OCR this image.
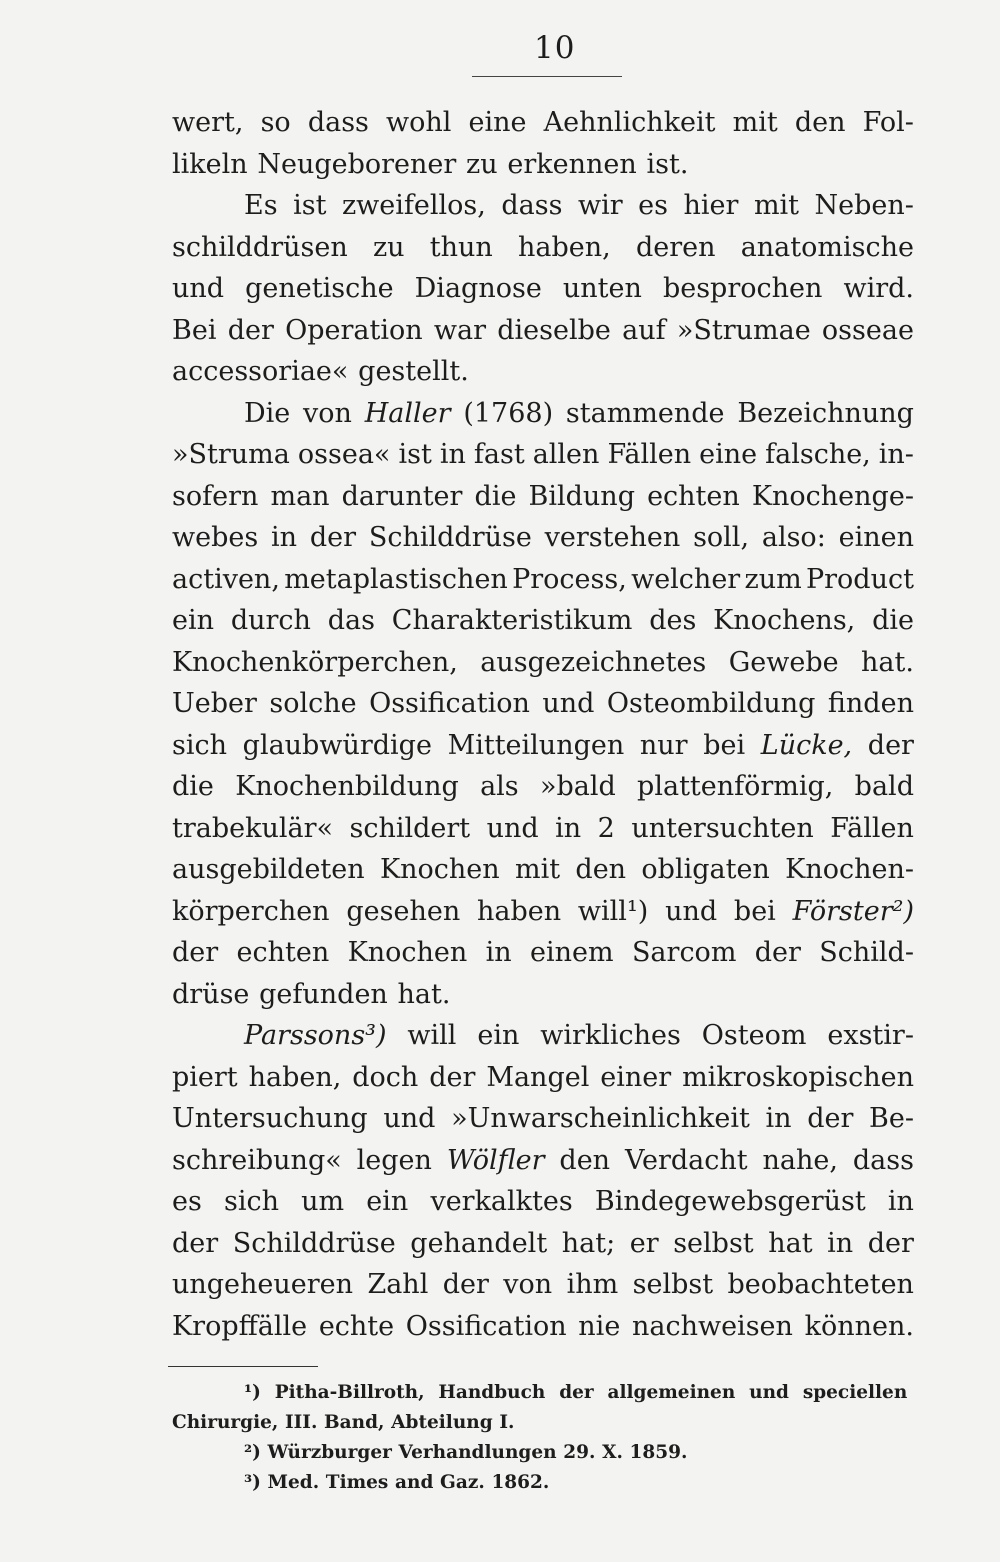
10
wert, so dass wohl eine Aehnlichkeit mit den Fol-
likeln Neugeborener zu erkennen ist.
Es ist zweifellos, dass wir es hier mit Neben-
schilddrüsen zu thun haben, deren anatomische
und genetische Diagnose unten besprochen wird.
Bei der Operation war dieselbe auf »Strumae osseae
accessoriae« gestellt.
Die von Haller (1768) stammende Bezeichnung
»Struma ossea« ist in fast allen Fällen eine falsche, in-
sofern man darunter die Bildung echten Knochenge-
webes in der Schilddrüse verstehen soll, also: einen
activen, metaplastischen Process, welcher zum Product
ein durch das Charakteristikum des Knochens, die
Knochenkörperchen, ausgezeichnetes Gewebe hat.
Ueber solche Ossification und Osteombildung finden
sich glaubwürdige Mitteilungen nur bei Lücke, der
die Knochenbildung als »bald plattenförmig, bald
trabekulär« schildert und in 2 untersuchten Fällen
ausgebildeten Knochen mit den obligaten Knochen-
körperchen gesehen haben will¹) und bei Förster²)
der echten Knochen in einem Sarcom der Schild-
drüse gefunden hat.
Parssons³) will ein wirkliches Osteom exstir-
piert haben, doch der Mangel einer mikroskopischen
Untersuchung und »Unwarscheinlichkeit in der Be-
schreibung« legen Wölfler den Verdacht nahe, dass
es sich um ein verkalktes Bindegewebsgerüst in
der Schilddrüse gehandelt hat; er selbst hat in der
ungeheueren Zahl der von ihm selbst beobachteten
Kropffälle echte Ossification nie nachweisen können.
¹) Pitha-Billroth, Handbuch der allgemeinen und speciellen
Chirurgie, III. Band, Abteilung I.
²) Würzburger Verhandlungen 29. X. 1859.
³) Med. Times and Gaz. 1862.
